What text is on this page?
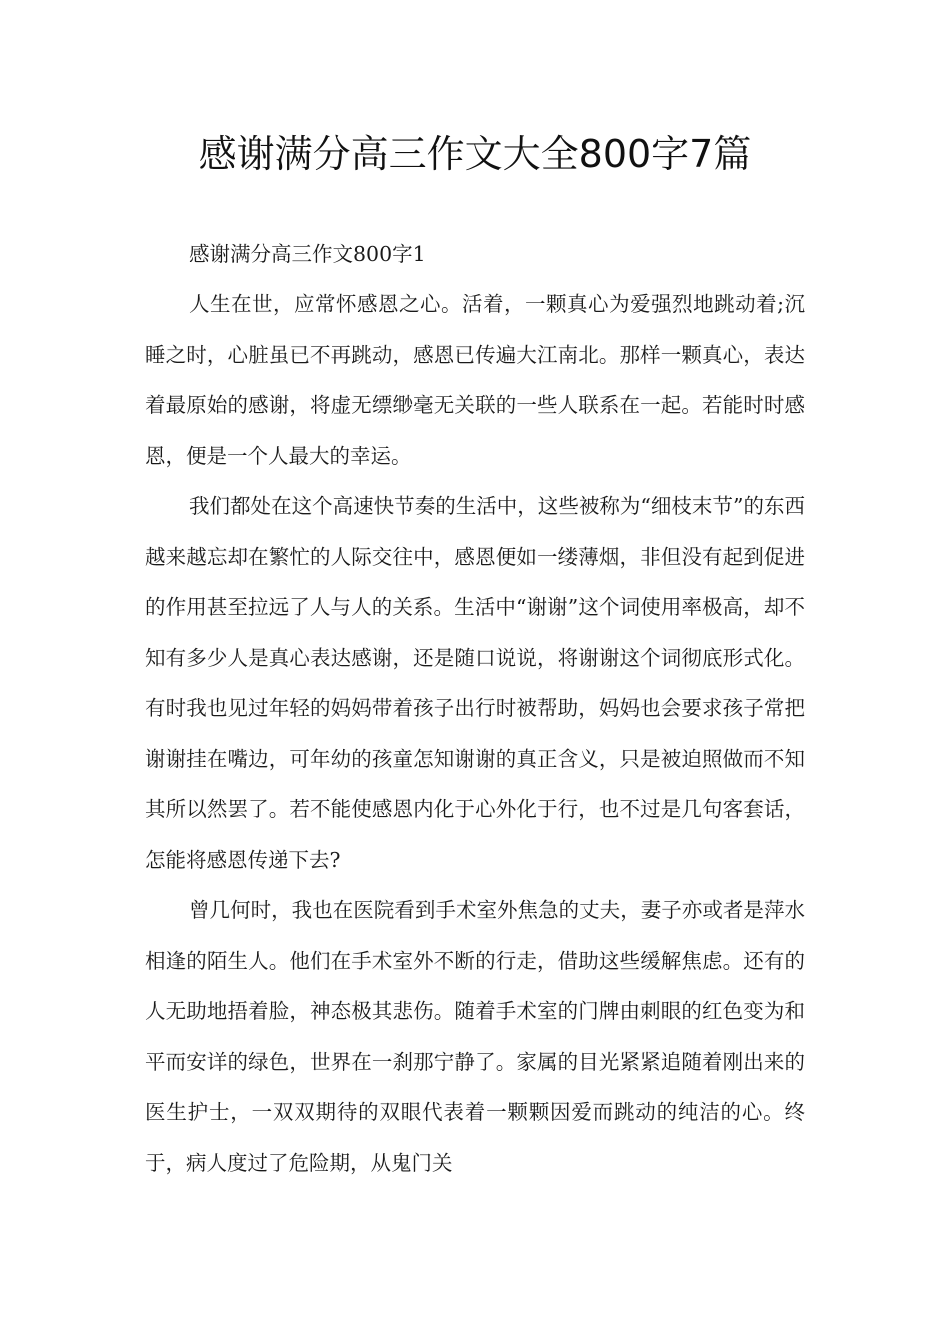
感谢满分高三作文大全800字7篇

感谢满分高三作文800字1

人生在世，应常怀感恩之心。活着，一颗真心为爱强烈地跳动着;沉睡之时，心脏虽已不再跳动，感恩已传遍大江南北。那样一颗真心，表达着最原始的感谢，将虚无缥缈毫无关联的一些人联系在一起。若能时时感恩，便是一个人最大的幸运。

我们都处在这个高速快节奏的生活中，这些被称为“细枝末节”的东西越来越忘却在繁忙的人际交往中，感恩便如一缕薄烟，非但没有起到促进的作用甚至拉远了人与人的关系。生活中“谢谢”这个词使用率极高，却不知有多少人是真心表达感谢，还是随口说说，将谢谢这个词彻底形式化。有时我也见过年轻的妈妈带着孩子出行时被帮助，妈妈也会要求孩子常把谢谢挂在嘴边，可年幼的孩童怎知谢谢的真正含义，只是被迫照做而不知其所以然罢了。若不能使感恩内化于心外化于行，也不过是几句客套话，怎能将感恩传递下去?

曾几何时，我也在医院看到手术室外焦急的丈夫，妻子亦或者是萍水相逢的陌生人。他们在手术室外不断的行走，借助这些缓解焦虑。还有的人无助地捂着脸，神态极其悲伤。随着手术室的门牌由刺眼的红色变为和平而安详的绿色，世界在一刹那宁静了。家属的目光紧紧追随着刚出来的医生护士，一双双期待的双眼代表着一颗颗因爱而跳动的纯洁的心。终于，病人度过了危险期，从鬼门关
